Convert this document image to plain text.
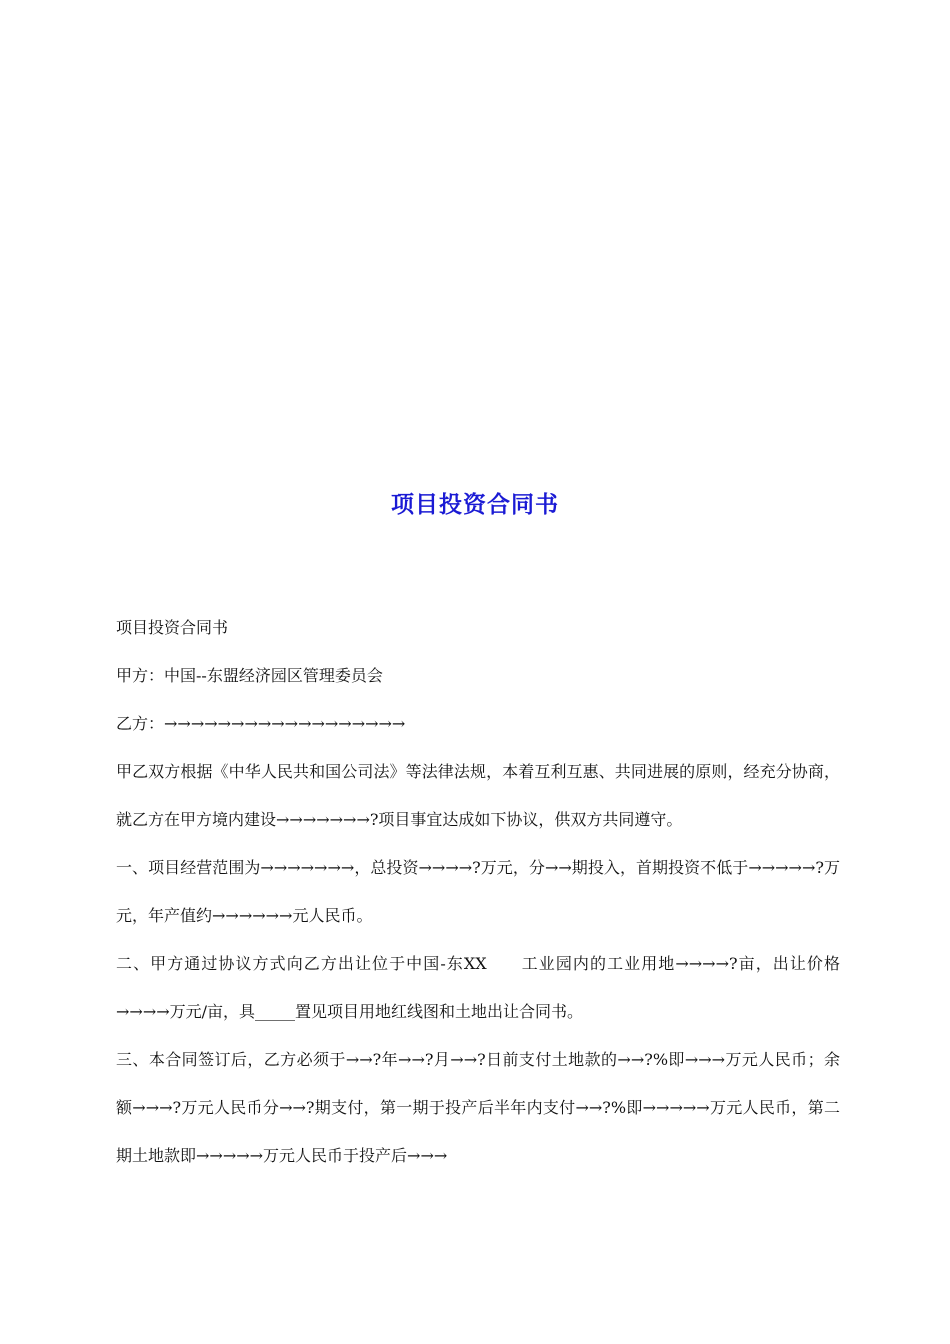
项目投资合同书

项目投资合同书

甲方：中国--东盟经济园区管理委员会

乙方：→→→→→→→→→→→→→→→→→→

甲乙双方根据《中华人民共和国公司法》等法律法规，本着互利互惠、共同进展的原则，经充分协商，就乙方在甲方境内建设→→→→→→→?项目事宜达成如下协议，供双方共同遵守。

一、项目经营范围为→→→→→→→，总投资→→→→?万元，分→→期投入，首期投资不低于→→→→→?万元，年产值约→→→→→→元人民币。

二、甲方通过协议方式向乙方出让位于中国-东XX 工业园内的工业用地→→→→?亩，出让价格→→→→万元/亩，具_____置见项目用地红线图和土地出让合同书。

三、本合同签订后，乙方必须于→→?年→→?月→→?日前支付土地款的→→?%即→→→万元人民币；余额→→→?万元人民币分→→?期支付，第一期于投产后半年内支付→→?%即→→→→→万元人民币，第二期土地款即→→→→→万元人民币于投产后→→→
